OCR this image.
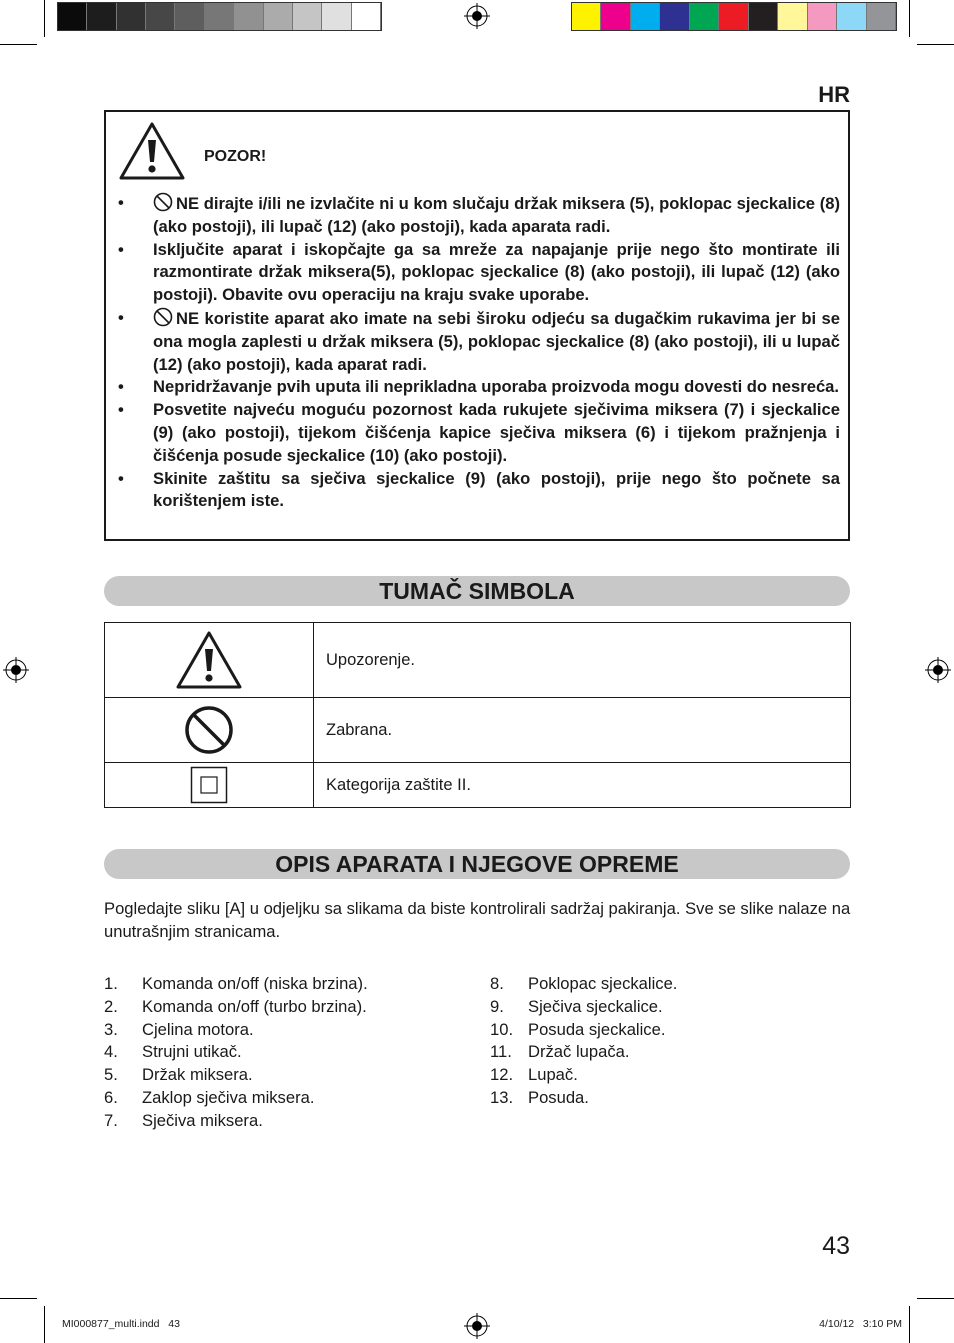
HR
POZOR!
•	NE dirajte i/ili ne izvlačite ni u kom slučaju držak miksera (5), poklopac sjeckalice (8) (ako postoji), ili lupač (12) (ako postoji), kada aparata radi.
• Isključite aparat i iskopčajte ga sa mreže za napajanje prije nego što montirate ili razmontirate držak miksera(5), poklopac sjeckalice (8) (ako postoji), ili lupač (12) (ako postoji). Obavite ovu operaciju na kraju svake uporabe.
•	NE koristite aparat ako imate na sebi široku odjeću sa dugačkim rukavima jer bi se ona mogla zaplesti u držak miksera (5), poklopac sjeckalice (8) (ako postoji), ili u lupač (12) (ako postoji), kada aparat radi.
• Nepridržavanje pvih uputa ili neprikladna uporaba proizvoda mogu dovesti do nesreća.
• Posvetite najveću moguću pozornost kada rukujete sječivima miksera (7) i sjeckalice (9) (ako postoji), tijekom čišćenja kapice sječiva miksera (6) i tijekom pražnjenja i čišćenja posude sjeckalice (10) (ako postoji).
• Skinite zaštitu sa sječiva sjeckalice (9) (ako postoji), prije nego što počnete sa korištenjem iste.
TUMAČ SIMBOLA
	Upozorenje.

	Zabrana.

	Kategorija zaštite II.
OPIS APARATA I NJEGOVE OPREME

Pogledajte sliku [A] u odjeljku sa slikama da biste kontrolirali sadržaj pakiranja. Sve se slike nalaze na unutrašnjim stranicama.

1. Komanda on/off (niska brzina).
2. Komanda on/off (turbo brzina).
3. Cjelina motora.
4. Strujni utikač.
5. Držak miksera.
6. Zaklop sječiva miksera.
7. Sječiva miksera.
8. Poklopac sjeckalice.
9. Sječiva sjeckalice.
10. Posuda sjeckalice.
11. Držač lupača.
12. Lupač.
13. Posuda.
43
MI000877_multi.indd   43	4/10/12   3:10 PM
